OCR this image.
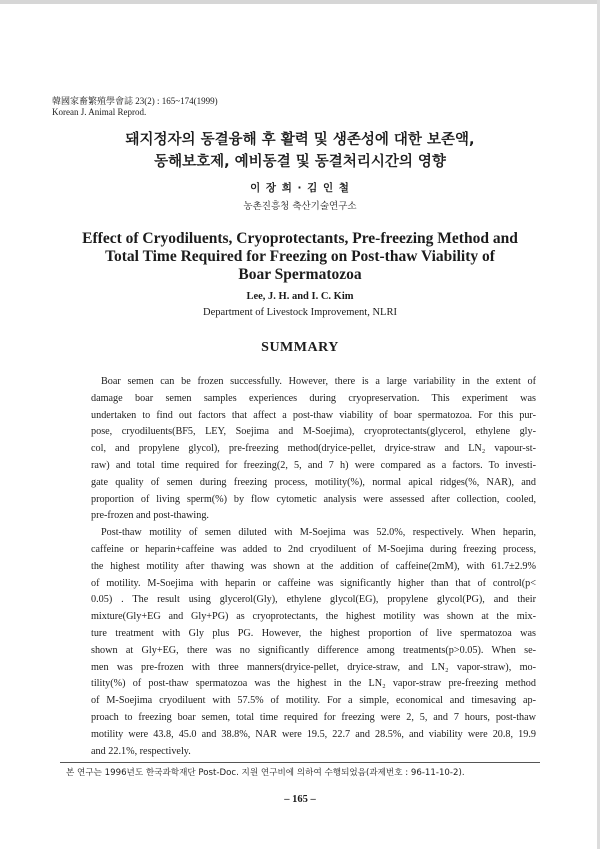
韓國家畜繁殖學會誌 23(2) : 165~174(1999)
Korean J. Animal Reprod.
돼지정자의 동결융해 후 활력 및 생존성에 대한 보존액,
동해보호제, 예비동결 및 동결처리시간의 영향
이 장 희 · 김 인 철
농촌진흥청 축산기술연구소
Effect of Cryodiluents, Cryoprotectants, Pre-freezing Method and
Total Time Required for Freezing on Post-thaw Viability of
Boar Spermatozoa
Lee, J. H. and I. C. Kim
Department of Livestock Improvement, NLRI
SUMMARY
Boar semen can be frozen successfully. However, there is a large variability in the extent of
damage boar semen samples experiences during cryopreservation. This experiment was
undertaken to find out factors that affect a post-thaw viability of boar spermatozoa. For this pur-
pose, cryodiluents(BF5, LEY, Soejima and M-Soejima), cryoprotectants(glycerol, ethylene gly-
col, and propylene glycol), pre-freezing method(dryice-pellet, dryice-straw and LN₂ vapour-st-
raw) and total time required for freezing(2, 5, and 7 h) were compared as a factors. To investi-
gate quality of semen during freezing process, motility(%), normal apical ridges(%, NAR), and
proportion of living sperm(%) by flow cytometic analysis were assessed after collection, cooled,
pre-frozen and post-thawing.
Post-thaw motility of semen diluted with M-Soejima was 52.0%, respectively. When heparin,
caffeine or heparin+caffeine was added to 2nd cryodiluent of M-Soejima during freezing process,
the highest motility after thawing was shown at the addition of caffeine(2mM), with 61.7±2.9%
of motility. M-Soejima with heparin or caffeine was significantly higher than that of control(p<
0.05) . The result using glycerol(Gly), ethylene glycol(EG), propylene glycol(PG), and their
mixture(Gly+EG and Gly+PG) as cryoprotectants, the highest motility was shown at the mix-
ture treatment with Gly plus PG. However, the highest proportion of live spermatozoa was
shown at Gly+EG, there was no significantly difference among treatments(p>0.05). When se-
men was pre-frozen with three manners(dryice-pellet, dryice-straw, and LN₂ vapor-straw), mo-
tility(%) of post-thaw spermatozoa was the highest in the LN₂ vapor-straw pre-freezing method
of M-Soejima cryodiluent with 57.5% of motility. For a simple, economical and timesaving ap-
proach to freezing boar semen, total time required for freezing were 2, 5, and 7 hours, post-thaw
motility were 43.8, 45.0 and 38.8%, NAR were 19.5, 22.7 and 28.5%, and viability were 20.8, 19.9
and 22.1%, respectively.
본 연구는 1996년도 한국과학재단 Post-Doc. 지원 연구비에 의하여 수행되었음(과제번호 : 96-11-10-2).
– 165 –
